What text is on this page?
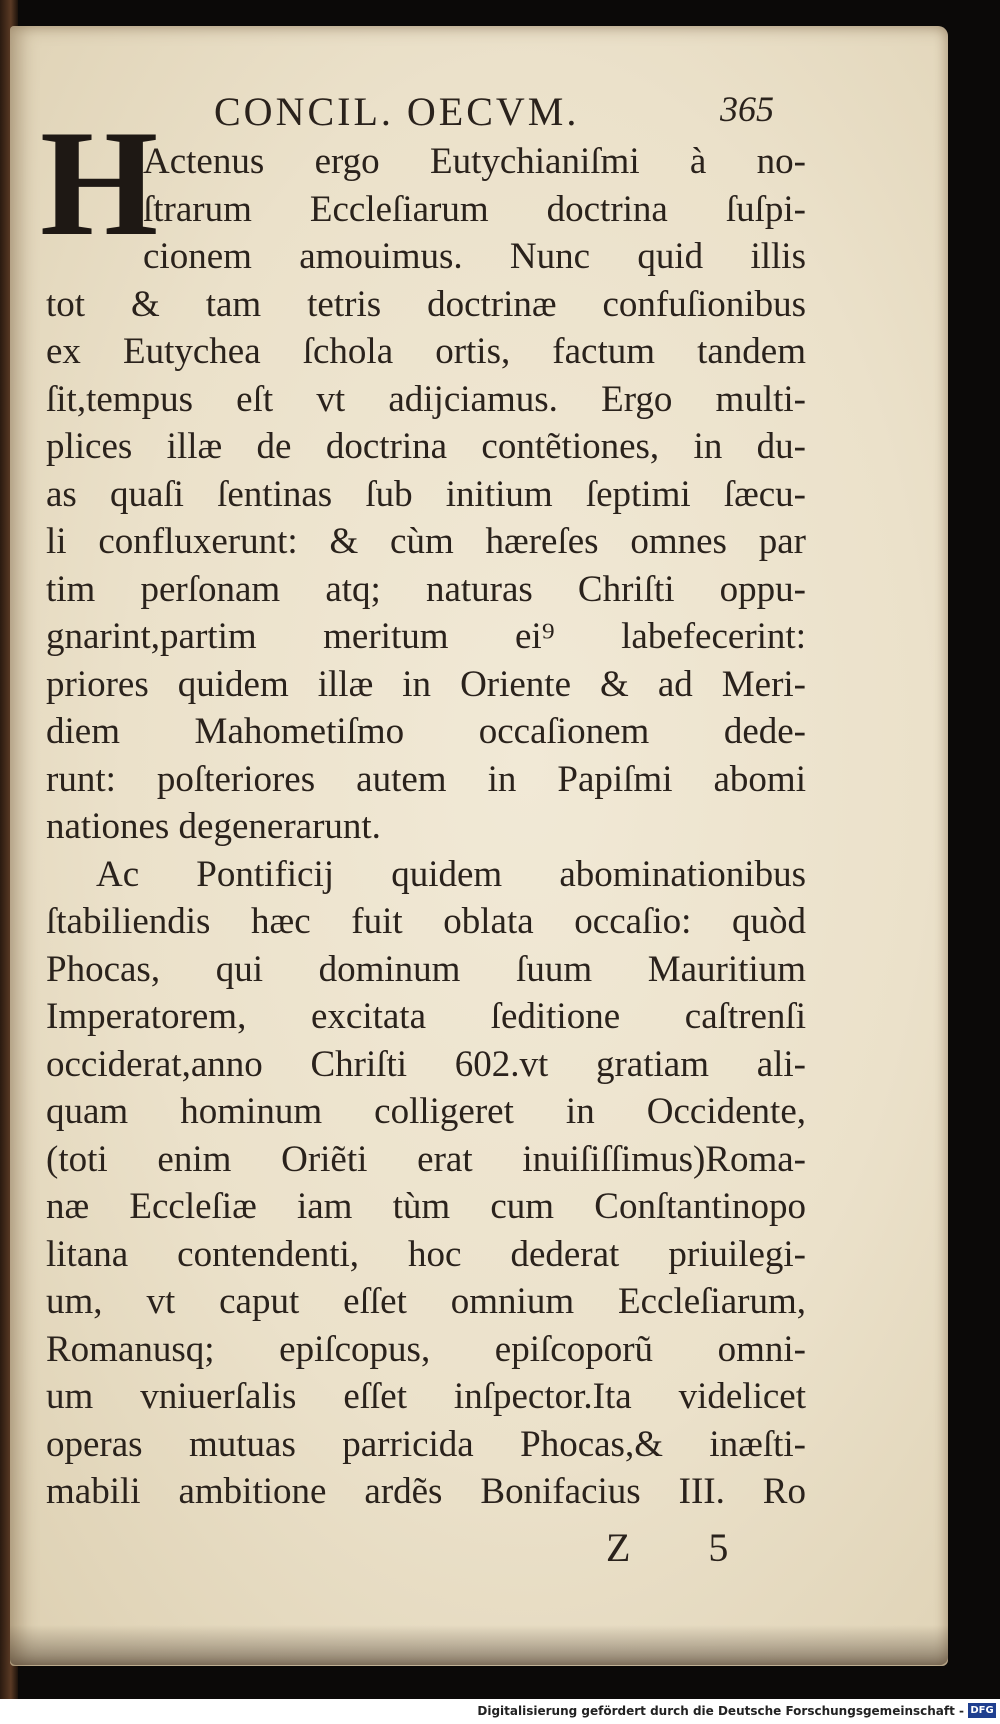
CONCIL. OECVM.	365
H
Actenus ergo Eutychianiſmi à no-
ſtrarum Eccleſiarum doctrina ſuſpi-
cionem amouimus. Nunc quid illis
tot & tam tetris doctrinæ confuſionibus
ex Eutychea ſchola ortis, factum tandem
ſit,tempus eſt vt adijciamus. Ergo multi-
plices illæ de doctrina contẽtiones, in du-
as quaſi ſentinas ſub initium ſeptimi ſæcu-
li confluxerunt: & cùm hæreſes omnes par
tim perſonam atq; naturas Chriſti oppu-
gnarint,partim meritum ei⁹ labefecerint:
priores quidem illæ in Oriente & ad Meri-
diem Mahometiſmo occaſionem dede-
runt: poſteriores autem in Papiſmi abomi
nationes degenerarunt.
Ac Pontificij quidem abominationibus
ſtabiliendis hæc fuit oblata occaſio: quòd
Phocas, qui dominum ſuum Mauritium
Imperatorem, excitata ſeditione caſtrenſi
occiderat,anno Chriſti 602.vt gratiam ali-
quam hominum colligeret in Occidente,
(toti enim Oriẽti erat inuiſiſſimus)Roma-
næ Eccleſiæ iam tùm cum Conſtantinopo
litana contendenti, hoc dederat priuilegi-
um, vt caput eſſet omnium Eccleſiarum,
Romanusq; epiſcopus, epiſcoporũ omni-
um vniuerſalis eſſet inſpector.Ita videlicet
operas mutuas parricida Phocas,& inæſti-
mabili ambitione ardẽs Bonifacius III. Ro
Z 5
Digitalisierung gefördert durch die Deutsche Forschungsgemeinschaft - DFG
